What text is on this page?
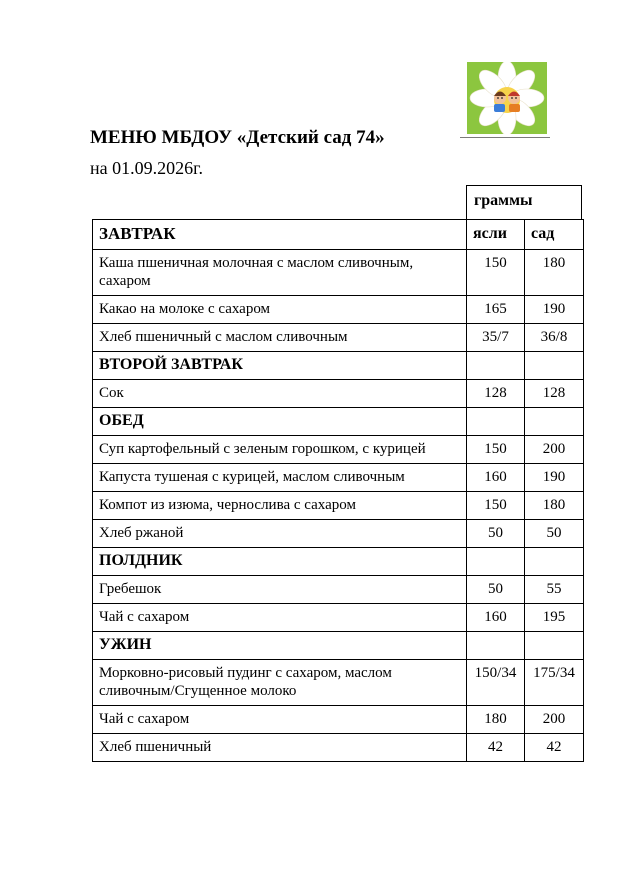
МЕНЮ МБДОУ «Детский сад 74»
на 01.09.2026г.
граммы
ЗАВТРАК	ясли	сад
Каша пшеничная молочная с маслом сливочным, сахаром	150	180
Какао на молоке с сахаром	165	190
Хлеб пшеничный с маслом сливочным	35/7	36/8
ВТОРОЙ ЗАВТРАК		
Сок	128	128
ОБЕД		
Суп картофельный с зеленым горошком, с курицей	150	200
Капуста тушеная с курицей, маслом сливочным	160	190
Компот из изюма, чернослива с сахаром	150	180
Хлеб ржаной	50	50
ПОЛДНИК		
Гребешок	50	55
Чай с сахаром	160	195
УЖИН		
Морковно-рисовый пудинг с сахаром, маслом сливочным/Сгущенное молоко	150/34	175/34
Чай с сахаром	180	200
Хлеб пшеничный	42	42
